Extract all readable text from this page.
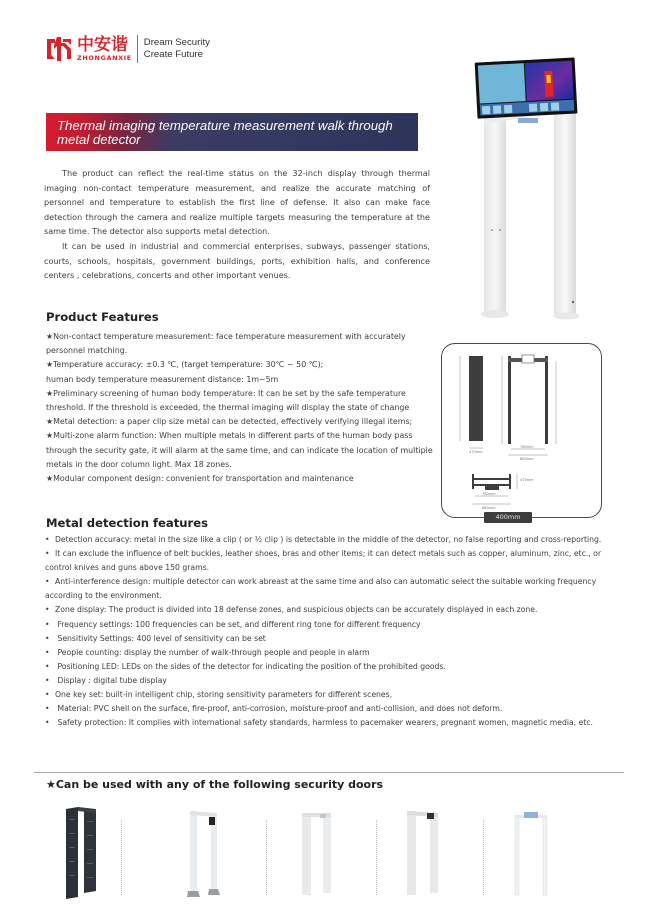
中安谐
ZHONGANXIE
Dream Security
Create Future
Thermal imaging temperature measurement walk through
metal detector

The product can reflect the real-time status on the 32-inch display through thermal imaging non-contact temperature measurement, and realize the accurate matching of personnel and temperature to establish the first line of defense. It also can make face detection through the camera and realize multiple targets measuring the temperature at the same time. The detector also supports metal detection.

It can be used in industrial and commercial enterprises, subways, passenger stations, courts, schools, hospitals, government buildings, ports, exhibition halls, and conference centers , celebrations, concerts and other important venues.

Product Features
★Non-contact temperature measurement: face temperature measurement with accurately personnel matching.
★Temperature accuracy: ±0.3 ℃, (target temperature: 30℃ ~ 50 ℃);
human body temperature measurement distance: 1m~5m
★Preliminary screening of human body temperature: It can be set by the safe temperature threshold. If the threshold is exceeded, the thermal imaging will display the state of change
★Metal detection: a paper clip size metal can be detected, effectively verifying illegal items;
★Multi-zone alarm function: When multiple metals in different parts of the human body pass through the security gate, it will alarm at the same time, and can indicate the location of multiple metals in the door column light. Max 18 zones.
★Modular component design: convenient for transportation and maintenance
470mm
780mm
880mm
470mm
780mm
880mm
400mm
Metal detection features
• Detection accuracy: metal in the size like a clip ( or ½ clip ) is detectable in the middle of the detector, no false reporting and cross-reporting.
• It can exclude the influence of belt buckles, leather shoes, bras and other items; it can detect metals such as copper, aluminum, zinc, etc., or control knives and guns above 150 grams.
• Anti-interference design: multiple detector can work abreast at the same time and also can automatic select the suitable working frequency according to the environment.
• Zone display: The product is divided into 18 defense zones, and suspicious objects can be accurately displayed in each zone.
• Frequency settings: 100 frequencies can be set, and different ring tone for different frequency
• Sensitivity Settings: 400 level of sensitivity can be set
• People counting: display the number of walk-through people and people in alarm
• Positioning LED: LEDs on the sides of the detector for indicating the position of the prohibited goods.
• Display : digital tube display
• One key set: built-in intelligent chip, storing sensitivity parameters for different scenes,
• Material: PVC shell on the surface, fire-proof, anti-corrosion, moisture-proof and anti-collision, and does not deform.
• Safety protection: It complies with international safety standards, harmless to pacemaker wearers, pregnant women, magnetic media, etc.
★Can be used with any of the following security doors
